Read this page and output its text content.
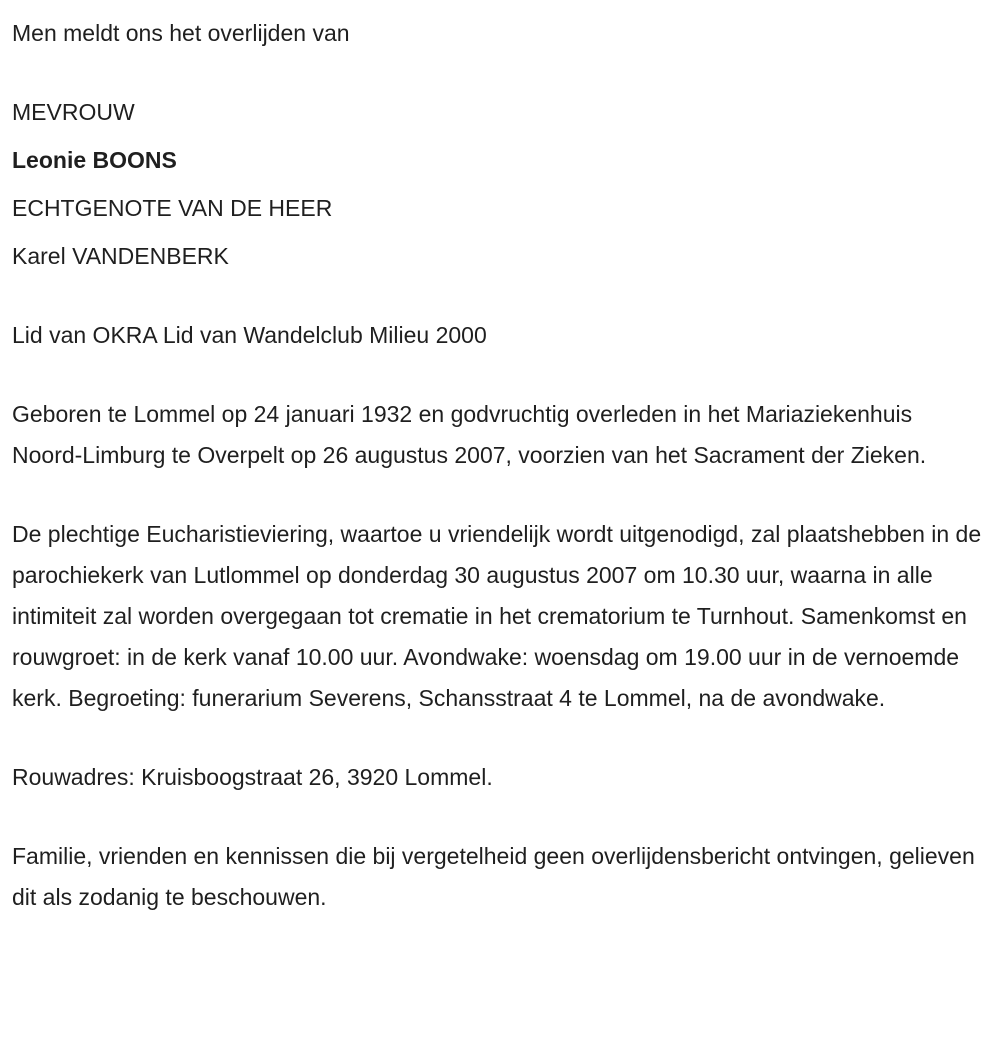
Men meldt ons het overlijden van

MEVROUW

Leonie BOONS

ECHTGENOTE VAN DE HEER

Karel VANDENBERK

Lid van OKRA Lid van Wandelclub Milieu 2000

Geboren te Lommel op 24 januari 1932 en godvruchtig overleden in het Mariaziekenhuis Noord-Limburg te Overpelt op 26 augustus 2007, voorzien van het Sacrament der Zieken.

De plechtige Eucharistieviering, waartoe u vriendelijk wordt uitgenodigd, zal plaatshebben in de parochiekerk van Lutlommel op donderdag 30 augustus 2007 om 10.30 uur, waarna in alle intimiteit zal worden overgegaan tot crematie in het crematorium te Turnhout. Samenkomst en rouwgroet: in de kerk vanaf 10.00 uur. Avondwake: woensdag om 19.00 uur in de vernoemde kerk. Begroeting: funerarium Severens, Schansstraat 4 te Lommel, na de avondwake.

Rouwadres: Kruisboogstraat 26, 3920 Lommel.

Familie, vrienden en kennissen die bij vergetelheid geen overlijdensbericht ontvingen, gelieven dit als zodanig te beschouwen.
